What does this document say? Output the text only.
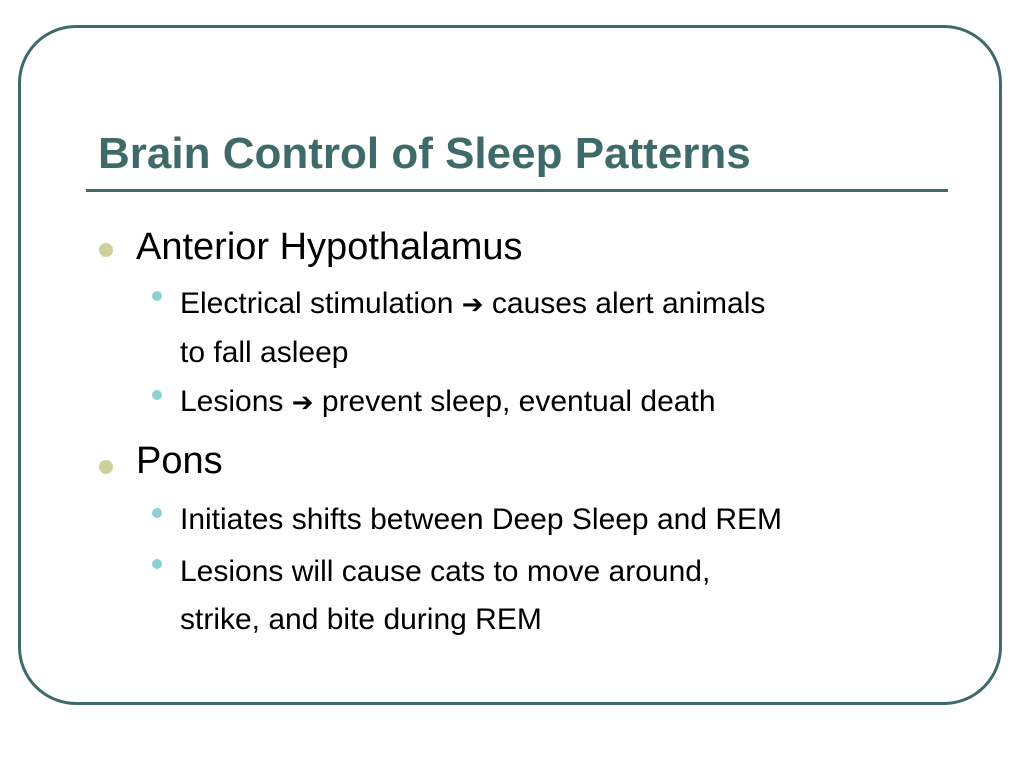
Brain Control of Sleep Patterns
Anterior Hypothalamus
Electrical stimulation ➔ causes alert animals
to fall asleep
Lesions ➔ prevent sleep, eventual death
Pons
Initiates shifts between Deep Sleep and REM
Lesions will cause cats to move around,
strike, and bite during REM
